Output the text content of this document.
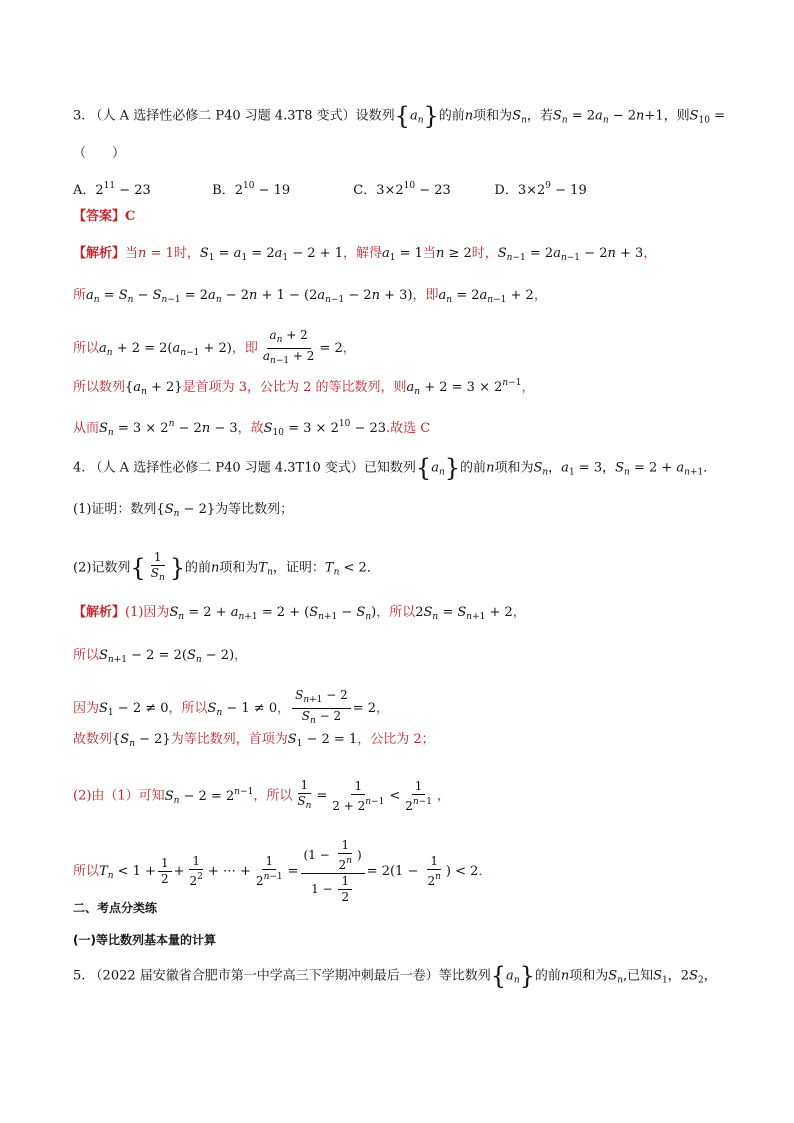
3. （人 A 选择性必修二 P40 习题 4.3T8 变式）设数列$\{a_n\}$的前n项和为$S_n$，若$S_n = 2a_n - 2n+1$，则$S_{10}$ =
（　　）
A．$2^{11} - 23$	B．$2^{10} - 19$	C．$3\times 2^{10} - 23$	D．$3\times 2^9 - 19$
【答案】C
【解析】当n = 1时，$S_1 = a_1 = 2a_1 - 2 + 1$，解得$a_1 = 1$当n ≥ 2时，$S_{n-1} = 2a_{n-1} - 2n + 3$，
所$a_n = S_n - S_{n-1} = 2a_n - 2n + 1 - (2a_{n-1} - 2n + 3)$，即$a_n = 2a_{n-1} + 2$，
所以$a_n + 2 = 2(a_{n-1} + 2)$，即 $\frac{a_n + 2}{a_{n-1} + 2} = 2$，
所以数列$\{a_n + 2\}$是首项为 3，公比为 2 的等比数列，则$a_n + 2 = 3 \times 2^{n-1}$，
从而$S_n = 3 \times 2^n - 2n - 3$，故$S_{10} = 3 \times 2^{10} - 23$.故选 C
4. （人 A 选择性必修二 P40 习题 4.3T10 变式）已知数列$\{a_n\}$的前n项和为$S_n$，$a_1 = 3$，$S_n = 2 + a_{n+1}$．
(1)证明：数列$\{S_n - 2\}$为等比数列；
(2)记数列{ $\frac{1}{S_n}$ }的前n项和为$T_n$，证明：$T_n < 2$．
【解析】(1)因为$S_n = 2 + a_{n+1} = 2 + (S_{n+1} - S_n)$，所以$2S_n = S_{n+1} + 2$，
所以$S_{n+1} - 2 = 2(S_n - 2)$，
因为$S_1 - 2 \ne 0$，所以$S_n - 1 \ne 0$， $\frac{S_{n+1} - 2}{S_n - 2} = 2$，
故数列$\{S_n - 2\}$为等比数列，首项为$S_1 - 2 = 1$，公比为 2；
(2)由（1）可知$S_n - 2 = 2^{n-1}$，所以 $\frac{1}{S_n} = \frac{1}{2 + 2^{n-1}} < \frac{1}{2^{n-1}}$ ，
所以$T_n < 1 + \frac{1}{2} + \frac{1}{2^2}$ + ⋯ + $\frac{1}{2^{n-1}} = \frac{(1 - \frac{1}{2^n} )}{1 - \frac{1}{2}} = 2(1 - \frac{1}{2^n}$ ) < 2．
二、考点分类练
(一)等比数列基本量的计算
5. （2022 届安徽省合肥市第一中学高三下学期冲刺最后一卷）等比数列$\{a_n\}$的前n项和为$S_n$,已知$S_1$，$2S_2$，
